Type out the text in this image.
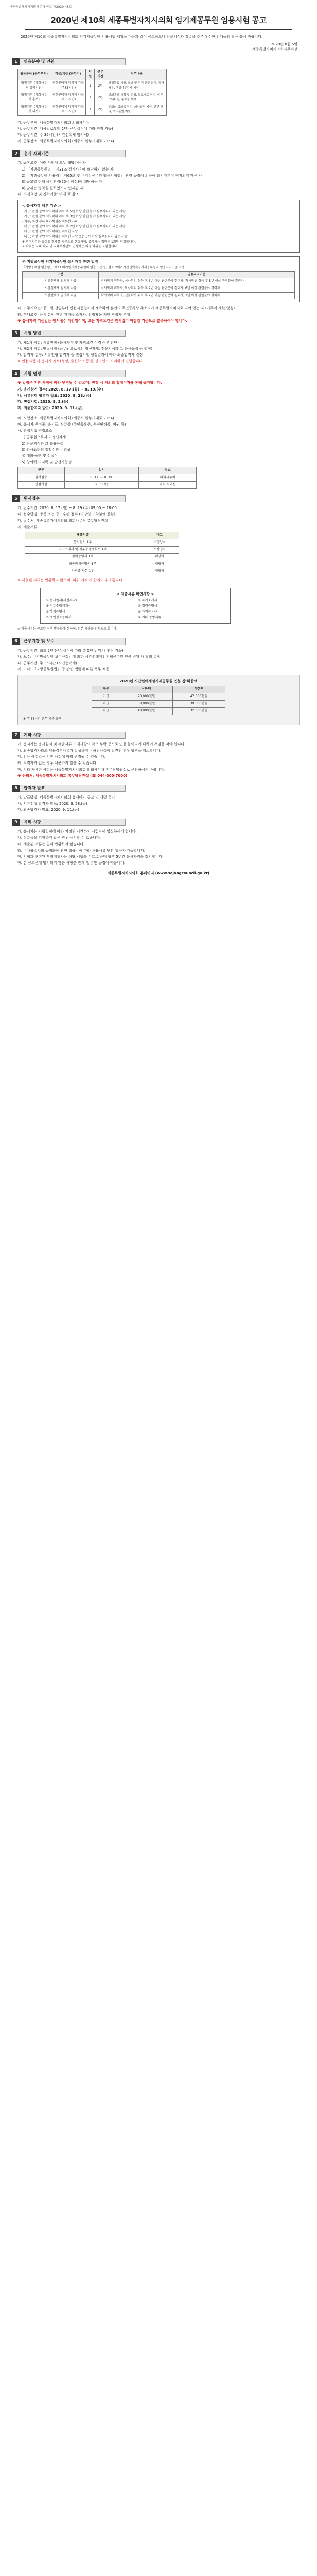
세종특별자치시의회사무처 공고 제2020-48호
2020년 제10회 세종특별자치시의회 임기제공무원 임용시험 공고
2020년 제10회 세종특별자치시의회 임기제공무원 임용시험 계획을 다음과 같이 공고하오니 전문지식과 경력을 갖춘 우수한 인재들의 많은 응시 바랍니다.
2020년 8월 6일
세종특별자치시의회사무처장
1	임용분야 및 인원
임용분야 (근무부서)	직급/계급 (근무지)	인원	근무기간	직무내용
행정지원 (의회사무처 정책지원)	시간선택제 임기제 가급 (주35시간)	1	2년	의정활동 지원, 조례 및 정책 연구·분석, 정책 자문, 행정사무감사 지원
행정지원 (의회사무처 홍보)	시간선택제 임기제 나급 (주35시간)	1	2년	의회홍보 기획 및 운영, 보도자료 작성, 언론 모니터링, 홍보물 제작
행정지원 (의회사무처 의사)	시간선택제 임기제 다급 (주35시간)	1	2년	본회의 회의록 작성, 의사일정 지원, 안건 관리, 회의운영 지원
가. 근무부서: 세종특별자치시의회 의회사무처
나. 근무기간: 채용일로부터 2년 (근무실적에 따라 연장 가능)
다. 근무시간: 주 35시간 (시간선택제 임기제)
라. 근무장소: 세종특별자치시의회 (세종시 한누리대로 2154)
2	응시 자격기준
가. 공통요건: 아래 사항에 모두 해당하는 자
1) 「지방공무원법」 제31조 결격사유에 해당하지 않는 자
2) 「지방공무원 임용령」 제65조 및 「지방공무원 임용시험령」 관련 규정에 의하여 응시자격이 정지되지 않은 자
3) 공고일 현재 응시연령(20세 이상)에 해당하는 자
4) 남자는 병역을 필하였거나 면제된 자
나. 자격요건 및 경력기준: 아래 표 참조
< 응시자격 세부 기준 >
· 가급: 관련 분야 학사학위 취득 후 5년 이상 관련 분야 실무경력이 있는 사람
· 가급: 관련 분야 석사학위 취득 후 3년 이상 관련 분야 실무경력이 있는 사람
· 가급: 관련 분야 박사학위를 취득한 사람
· 나급: 관련 분야 학사학위 취득 후 2년 이상 관련 분야 실무경력이 있는 사람
· 나급: 관련 분야 석사학위를 취득한 사람
· 다급: 관련 분야 학사학위를 취득한 사람 또는 3년 이상 실무경력이 있는 사람
※ 경력기간은 공고일 현재를 기준으로 산정하며, 중복되는 경력은 1회만 인정합니다.
※ 학위는 국내 학위 및 교육부장관이 인정하는 외국 학위를 포함합니다.
※ 지방공무원 임기제공무원 응시자격 관련 법령
「지방공무원 임용령」 제3조의2(임기제공무원의 임용요건 등) 별표 2의2 시간선택제임기제공무원의 임용자격기준 적용
구분	임용자격기준
시간선택제 임기제 가급	박사학위 취득자, 석사학위 취득 후 3년 이상 관련분야 경력자, 학사학위 취득 후 5년 이상 관련분야 경력자
시간선택제 임기제 나급	석사학위 취득자, 학사학위 취득 후 2년 이상 관련분야 경력자, 6년 이상 관련분야 경력자
시간선택제 임기제 다급	학사학위 취득자, 전문학사 취득 후 2년 이상 관련분야 경력자, 3년 이상 관련분야 경력자
다. 거주지요건: 공고일 전일부터 면접시험일까지 계속하여 본인의 주민등록상 주소지가 세종특별자치시로 되어 있는 자 (거주지 제한 없음)
라. 우대요건: 응시 분야 관련 자격증 소지자, 의정활동 지원 경력자 우대
※ 응시자격 기준일은 원서접수 마감일이며, 모든 자격요건은 원서접수 마감일 기준으로 충족하여야 합니다.
3	시험 방법
가. 제1차 시험: 서류전형 (응시자격 및 자격요건 적격 여부 판단)
나. 제2차 시험: 면접시험 (공무원으로서의 정신자세, 전문지식과 그 응용능력 등 평정)
다. 합격자 결정: 서류전형 합격자 중 면접시험 평정결과에 따라 최종합격자 결정
※ 면접시험 시 응시자 정보(성명, 출신학교 등)를 블라인드 처리하여 진행합니다.
4	시험 일정
※ 일정은 기관 사정에 따라 변경될 수 있으며, 변경 시 시의회 홈페이지를 통해 공지합니다.
가. 응시원서 접수: 2020. 8. 17.(월) ~ 8. 19.(수)
나. 서류전형 합격자 발표: 2020. 8. 28.(금)
다. 면접시험: 2020. 9. 3.(목)
라. 최종합격자 발표: 2020. 9. 11.(금)
마. 시험장소: 세종특별자치시의회 (세종시 한누리대로 2154)
바. 응시자 준비물: 응시표, 신분증 (주민등록증, 운전면허증, 여권 등)
사. 면접시험 평정요소
1) 공무원으로서의 정신자세
2) 전문지식과 그 응용능력
3) 의사표현의 정확성과 논리성
4) 예의·품행 및 성실성
5) 창의력·의지력 및 발전가능성
구분	일시	장소
원서접수	8. 17. ~ 8. 19.	의회사무처
면접시험	9. 3.(목)	의회 회의실
5	원서접수
가. 접수기간: 2020. 8. 17.(월) ~ 8. 19.(수) 09:00 ~ 18:00
나. 접수방법: 방문 또는 등기우편 접수 (마감일 도착분에 한함)
다. 접수처: 세종특별자치시의회 의회사무처 총무담당관실
라. 제출서류
제출서류	비고
응시원서 1부	소정양식
자기소개서 및 직무수행계획서 1부	소정양식
경력증명서 1부	해당자
최종학위증명서 1부	해당자
자격증 사본 1부	해당자
※ 제출된 서류는 반환하지 않으며, 허위 기재 시 합격이 취소됩니다.
< 제출서류 확인사항 >
① 응시원서(사진부착)	② 자기소개서
③ 직무수행계획서	④ 경력증명서
⑤ 학위증명서	⑥ 자격증 사본
⑦ 개인정보동의서	⑧ 기타 증빙서류
※ 제출서류는 공고일 이후 발급분에 한하며, 원본 제출을 원칙으로 합니다.
6	근무기간 및 보수
가. 근무기간: 최초 2년 (근무실적에 따라 총 5년 범위 내 연장 가능)
나. 보수: 「지방공무원 보수규정」에 의한 시간선택제임기제공무원 연봉 범위 내 협의 결정
다. 근무시간: 주 35시간 (시간선택제)
라. 기타: 「지방공무원법」 등 관련 법령에 따른 복무 적용
2020년 시간선택제임기제공무원 연봉 상·하한액
구분	상한액	하한액
가급	70,000천원	47,000천원
나급	58,000천원	39,000천원
다급	48,000천원	32,000천원
※ 주 35시간 근무 기준 금액
7	기타 사항
가. 응시자는 응시원서 및 제출서류 기재사항의 착오·누락 등으로 인한 불이익에 대하여 책임을 져야 합니다.
나. 최종합격자라도 임용결격사유가 발생하거나 허위사실이 발견된 경우 합격을 취소합니다.
다. 임용 예정일은 기관 사정에 따라 변경될 수 있습니다.
라. 적격자가 없는 경우 채용하지 않을 수 있습니다.
마. 기타 자세한 사항은 세종특별자치시의회 의회사무처 총무담당관실로 문의하시기 바랍니다.
※ 문의처: 세종특별자치시의회 총무담당관실 (☎ 044-300-7000)
8	합격자 발표
가. 발표방법: 세종특별자치시의회 홈페이지 공고 및 개별 통지
나. 서류전형 합격자 발표: 2020. 8. 28.(금)
다. 최종합격자 발표: 2020. 9. 11.(금)
9	유의 사항
가. 응시자는 시험일정에 따라 지정된 시간까지 시험장에 입실하여야 합니다.
나. 신분증을 지참하지 않은 경우 응시할 수 없습니다.
다. 제출된 서류는 일체 반환하지 않습니다.
라. 「채용절차의 공정화에 관한 법률」에 따라 채용서류 반환 청구가 가능합니다.
마. 시험과 관련된 부정행위자는 해당 시험을 무효로 하며 향후 5년간 응시자격을 정지합니다.
바. 본 공고문에 명시되지 않은 사항은 관계 법령 및 규정에 따릅니다.
세종특별자치시의회 홈페이지 (www.sejongcouncil.go.kr)
